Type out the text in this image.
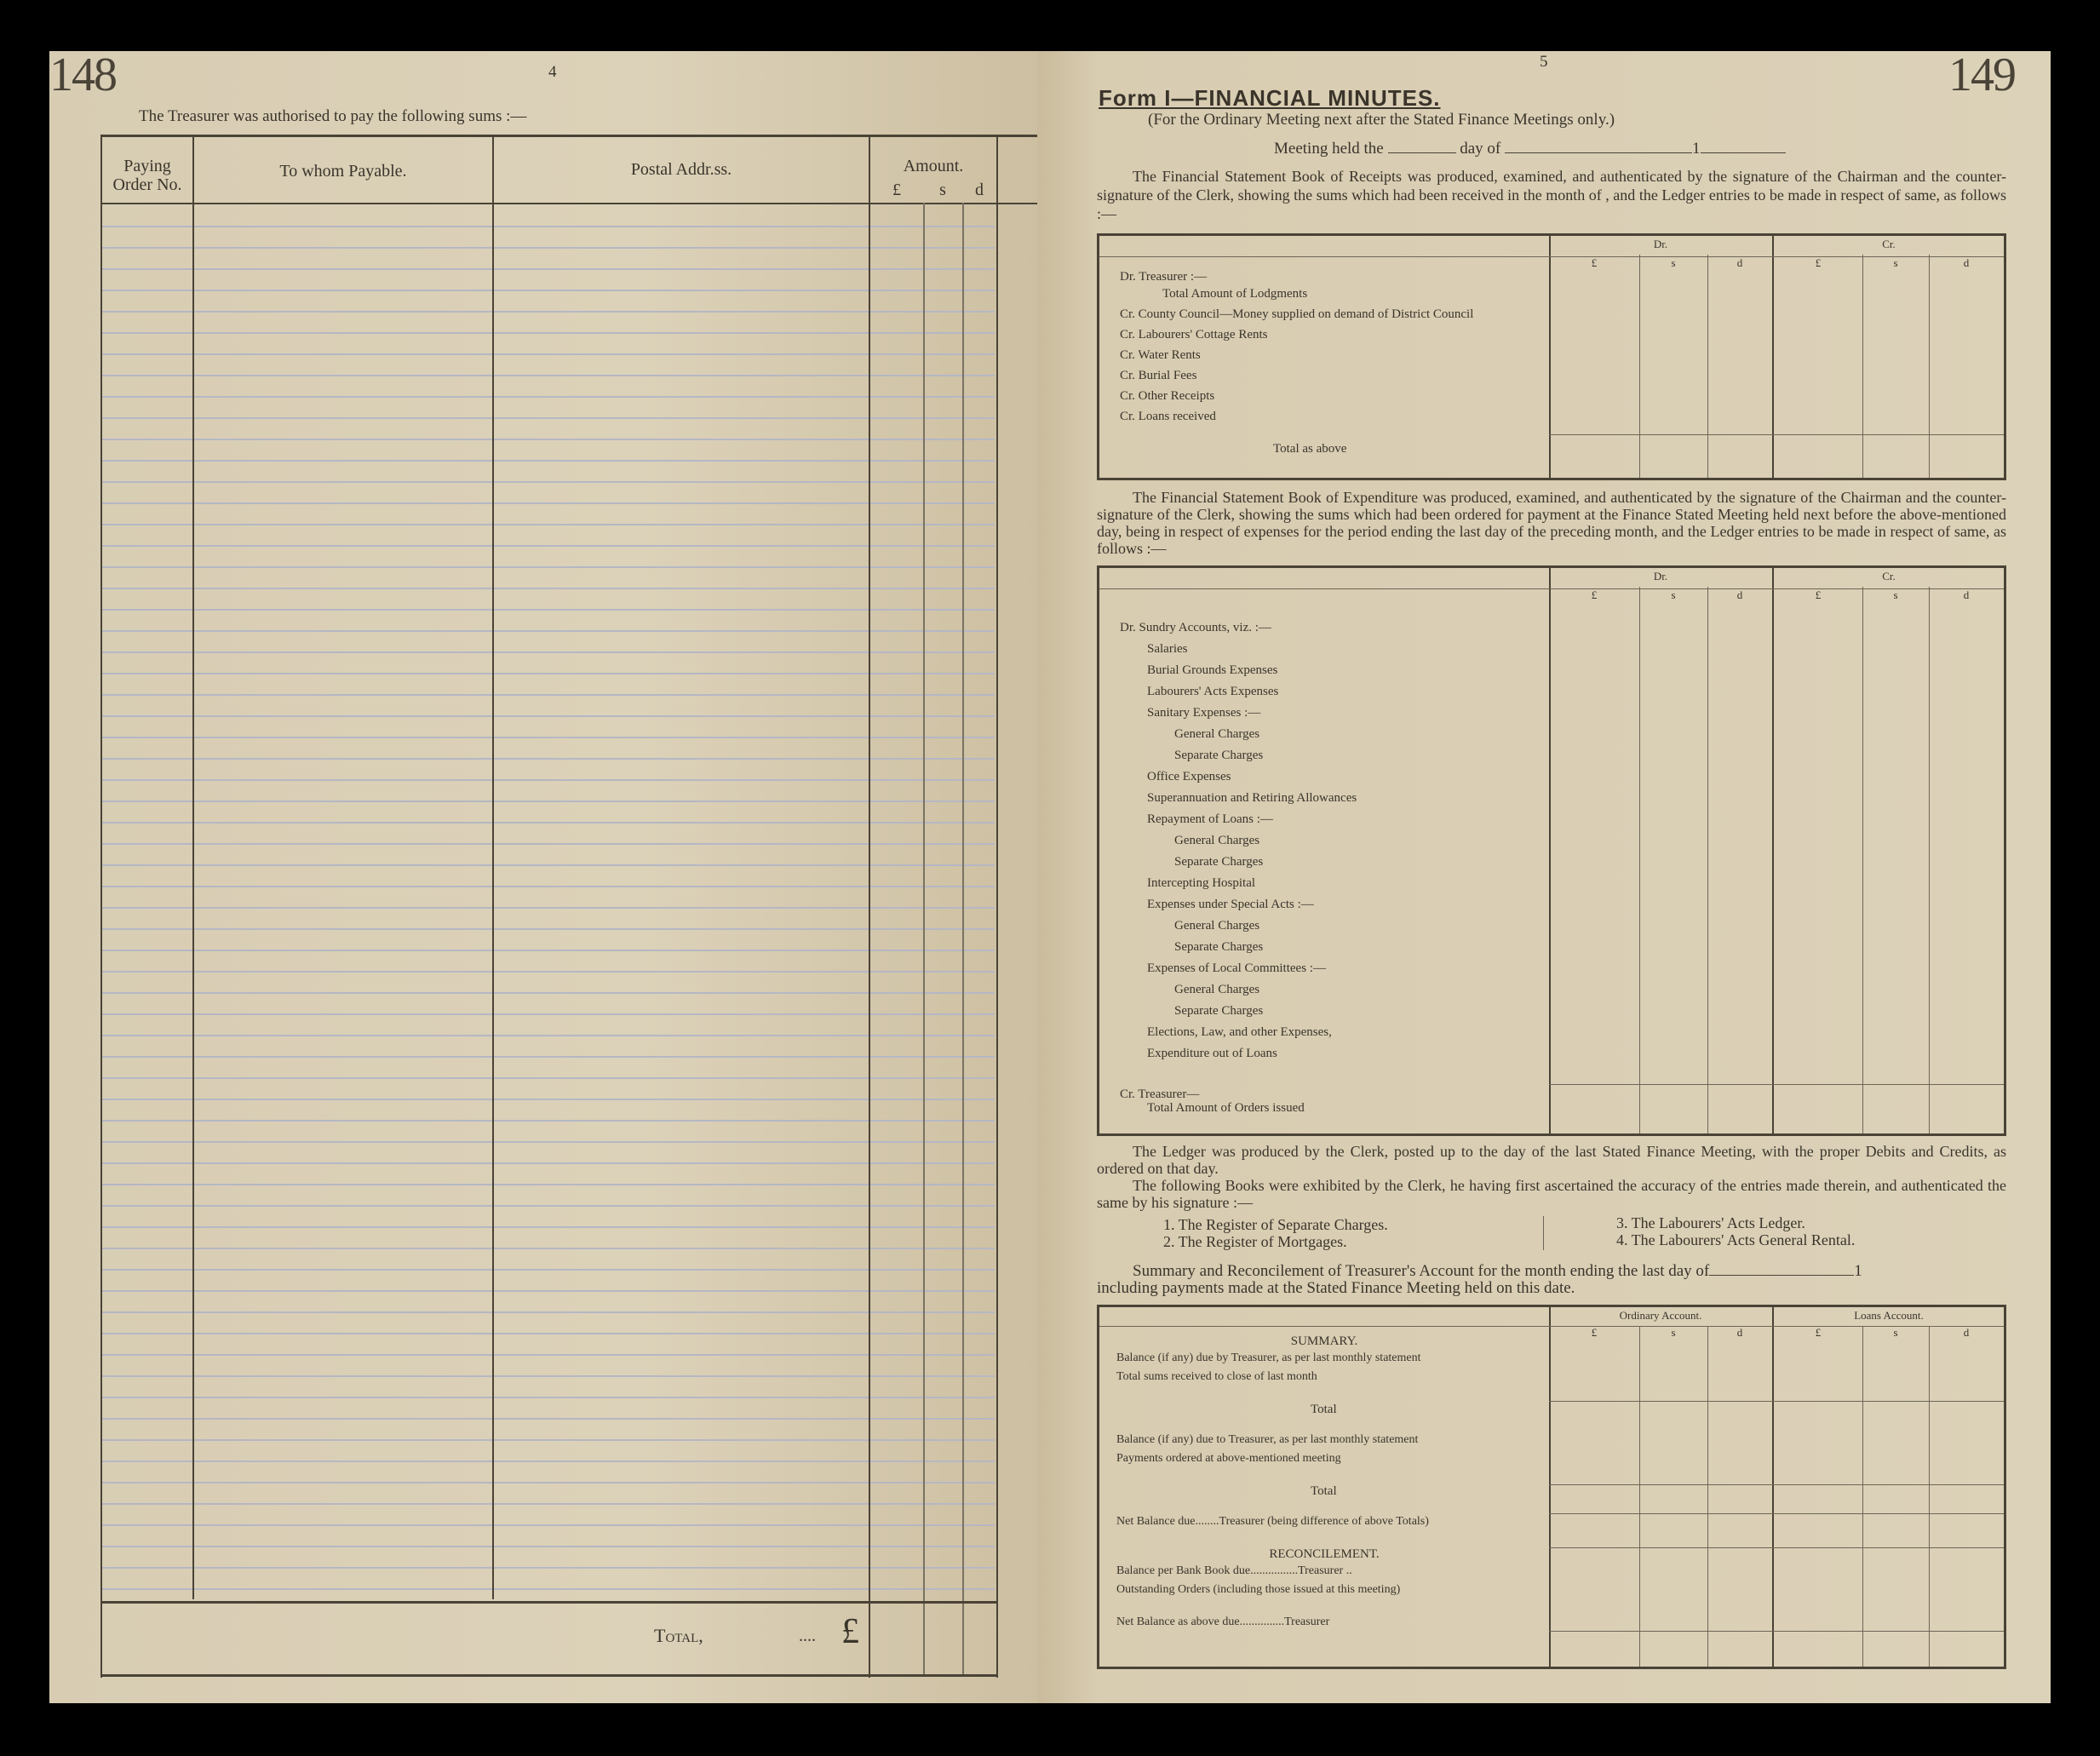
148	4
The Treasurer was authorised to pay the following sums :—
Paying Order No.
To whom Payable.	Postal Addr.ss.	Amount.
£	s	d
Total,	.... £
5	149
Form I—FINANCIAL MINUTES.
(For the Ordinary Meeting next after the Stated Finance Meetings only.)
Meeting held the	day of	1
The Financial Statement Book of Receipts was produced, examined, and authenticated by the signature of the Chairman and the counter-signature of the Clerk, showing the sums which had been received in the month of , and the Ledger entries to be made in respect of same, as follows :—
Dr.	Cr.
£	s	d	£	s	d
Dr. Treasurer :—
Total Amount of Lodgments
Cr. County Council—Money supplied on demand of District Council
Cr. Labourers' Cottage Rents
Cr. Water Rents
Cr. Burial Fees
Cr. Other Receipts
Cr. Loans received
Total as above
The Financial Statement Book of Expenditure was produced, examined, and authenticated by the signature of the Chairman and the counter-signature of the Clerk, showing the sums which had been ordered for payment at the Finance Stated Meeting held next before the above-mentioned day, being in respect of expenses for the period ending the last day of the preceding month, and the Ledger entries to be made in respect of same, as follows :—
Dr.	Cr.
£	s	d	£	s	d
Dr. Sundry Accounts, viz. :—
Salaries
Burial Grounds Expenses
Labourers' Acts Expenses
Sanitary Expenses :—
General Charges
Separate Charges
Office Expenses
Superannuation and Retiring Allowances
Repayment of Loans :—
General Charges
Separate Charges
Intercepting Hospital
Expenses under Special Acts :—
General Charges
Separate Charges
Expenses of Local Committees :—
General Charges
Separate Charges
Elections, Law, and other Expenses,
Expenditure out of Loans
Cr. Treasurer—
Total Amount of Orders issued
The Ledger was produced by the Clerk, posted up to the day of the last Stated Finance Meeting, with the proper Debits and Credits, as ordered on that day.
The following Books were exhibited by the Clerk, he having first ascertained the accuracy of the entries made therein, and authenticated the same by his signature :—
1. The Register of Separate Charges.
2. The Register of Mortgages.
3. The Labourers' Acts Ledger.
4. The Labourers' Acts General Rental.
Summary and Reconcilement of Treasurer's Account for the month ending the last day of	1
including payments made at the Stated Finance Meeting held on this date.
Ordinary Account.	Loans Account.
£	s	d	£	s	d
SUMMARY.
Balance (if any) due by Treasurer, as per last monthly statement
Total sums received to close of last month
Total
Balance (if any) due to Treasurer, as per last monthly statement
Payments ordered at above-mentioned meeting
Total
Net Balance due........Treasurer (being difference of above Totals)
RECONCILEMENT.
Balance per Bank Book due................Treasurer ..
Outstanding Orders (including those issued at this meeting)
Net Balance as above due...............Treasurer
